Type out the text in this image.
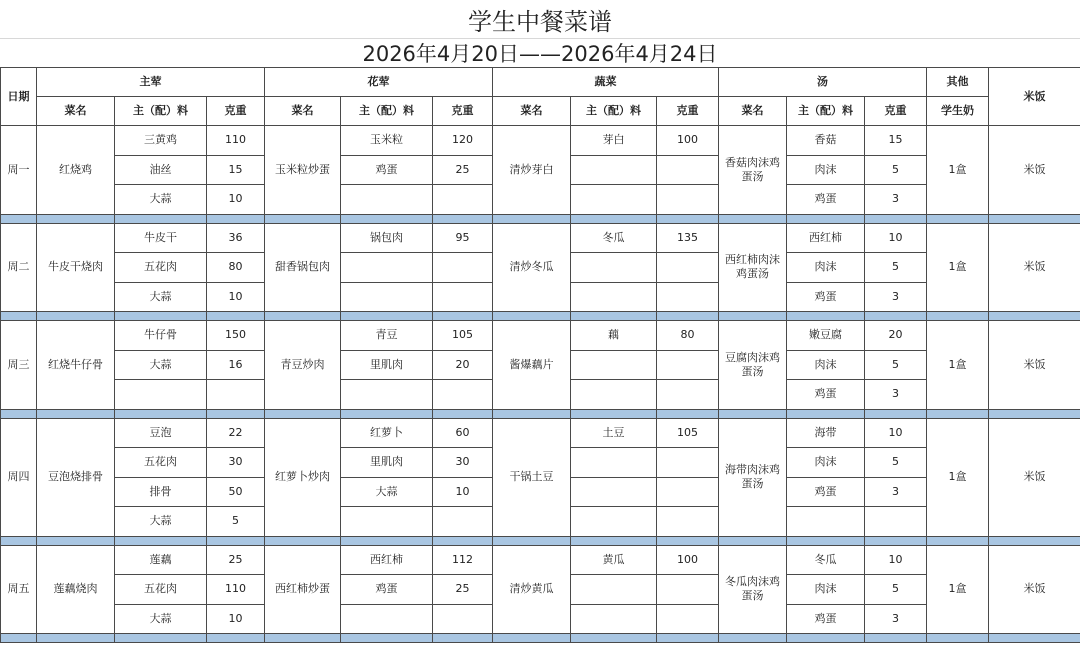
学生中餐菜谱
2026年4月20日——2026年4月24日
日期	主荤			花荤			蔬菜			汤			其他	米饭
	菜名	主（配）料	克重	菜名	主（配）料	克重	菜名	主（配）料	克重	菜名	主（配）料	克重	学生奶	
周一	红烧鸡	三黄鸡	110	玉米粒炒蛋	玉米粒	120	清炒芽白	芽白	100	香菇肉沫鸡蛋汤	香菇	15	1盒	米饭
		油丝	15		鸡蛋	25					肉沫	5		
		大蒜	10								鸡蛋	3		

周二	牛皮干烧肉	牛皮干	36	甜香锅包肉	锅包肉	95	清炒冬瓜	冬瓜	135	西红柿肉沫鸡蛋汤	西红柿	10	1盒	米饭
		五花肉	80								肉沫	5		
		大蒜	10								鸡蛋	3		

周三	红烧牛仔骨	牛仔骨	150	青豆炒肉	青豆	105	酱爆藕片	藕	80	豆腐肉沫鸡蛋汤	嫩豆腐	20	1盒	米饭
		大蒜	16		里肌肉	20					肉沫	5		
											鸡蛋	3		

周四	豆泡烧排骨	豆泡	22	红萝卜炒肉	红萝卜	60	干锅土豆	土豆	105	海带肉沫鸡蛋汤	海带	10	1盒	米饭
		五花肉	30		里肌肉	30					肉沫	5		
		排骨	50		大蒜	10					鸡蛋	3		
		大蒜	5											

周五	莲藕烧肉	莲藕	25	西红柿炒蛋	西红柿	112	清炒黄瓜	黄瓜	100	冬瓜肉沫鸡蛋汤	冬瓜	10	1盒	米饭
		五花肉	110		鸡蛋	25					肉沫	5		
		大蒜	10								鸡蛋	3		
